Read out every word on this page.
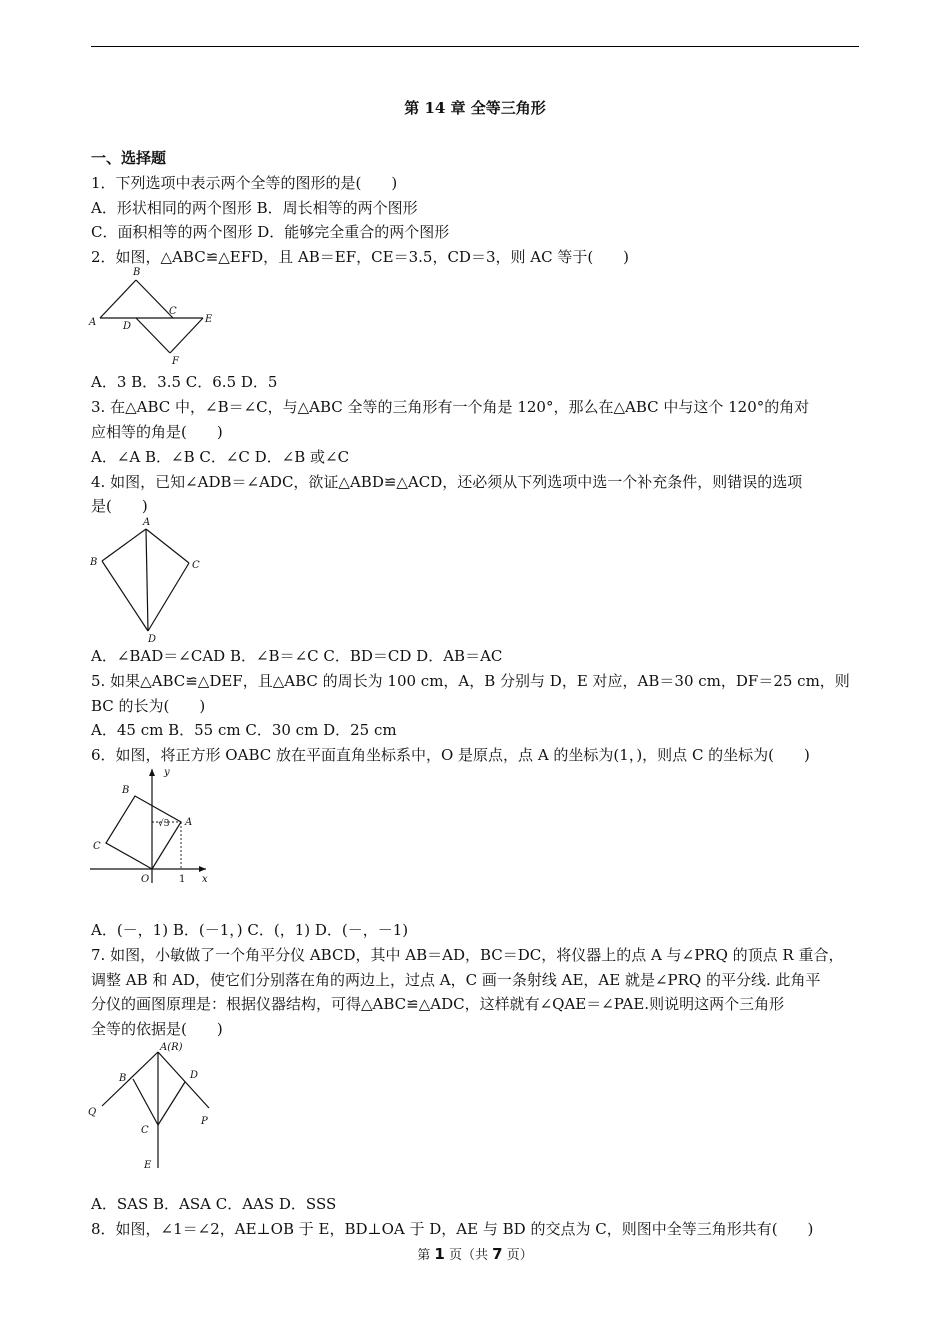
第 14 章 全等三角形
一、选择题
1．下列选项中表示两个全等的图形的是(　　)
A．形状相同的两个图形 B．周长相等的两个图形
C．面积相等的两个图形 D．能够完全重合的两个图形
2．如图，△ABC≌△EFD，且 AB＝EF，CE＝3.5，CD＝3，则 AC 等于(　　)
A
B
C
D
E
F
A．3 B．3.5 C．6.5 D．5
3. 在△ABC 中，∠B＝∠C，与△ABC 全等的三角形有一个角是 120°，那么在△ABC 中与这个 120°的角对
应相等的角是(　　)
A．∠A B．∠B C．∠C D．∠B 或∠C
4. 如图，已知∠ADB＝∠ADC，欲证△ABD≌△ACD，还必须从下列选项中选一个补充条件，则错误的选项
是(　　)
A
B	C
D
A．∠BAD＝∠CAD B．∠B＝∠C C．BD＝CD D．AB＝AC
5. 如果△ABC≌△DEF，且△ABC 的周长为 100 cm，A，B 分别与 D，E 对应，AB＝30 cm，DF＝25 cm，则
BC 的长为(　　)
A．45 cm B．55 cm C．30 cm D．25 cm
6．如图，将正方形 OABC 放在平面直角坐标系中，O 是原点，点 A 的坐标为(1，)，则点 C 的坐标为(　　)
y
B
A
C
O	1 x
√3
A．(－，1) B．(－1，) C．(，1) D．(－，－1)
7. 如图，小敏做了一个角平分仪 ABCD，其中 AB＝AD，BC＝DC，将仪器上的点 A 与∠PRQ 的顶点 R 重合，
调整 AB 和 AD，使它们分别落在角的两边上，过点 A，C 画一条射线 AE，AE 就是∠PRQ 的平分线. 此角平
分仪的画图原理是：根据仪器结构，可得△ABC≌△ADC，这样就有∠QAE＝∠PAE.则说明这两个三角形
全等的依据是(　　)
A(R)
B	D
Q
P
C
E
A．SAS B．ASA C．AAS D．SSS
8．如图，∠1＝∠2，AE⊥OB 于 E，BD⊥OA 于 D，AE 与 BD 的交点为 C，则图中全等三角形共有(　　)
第 1 页（共 7 页）
